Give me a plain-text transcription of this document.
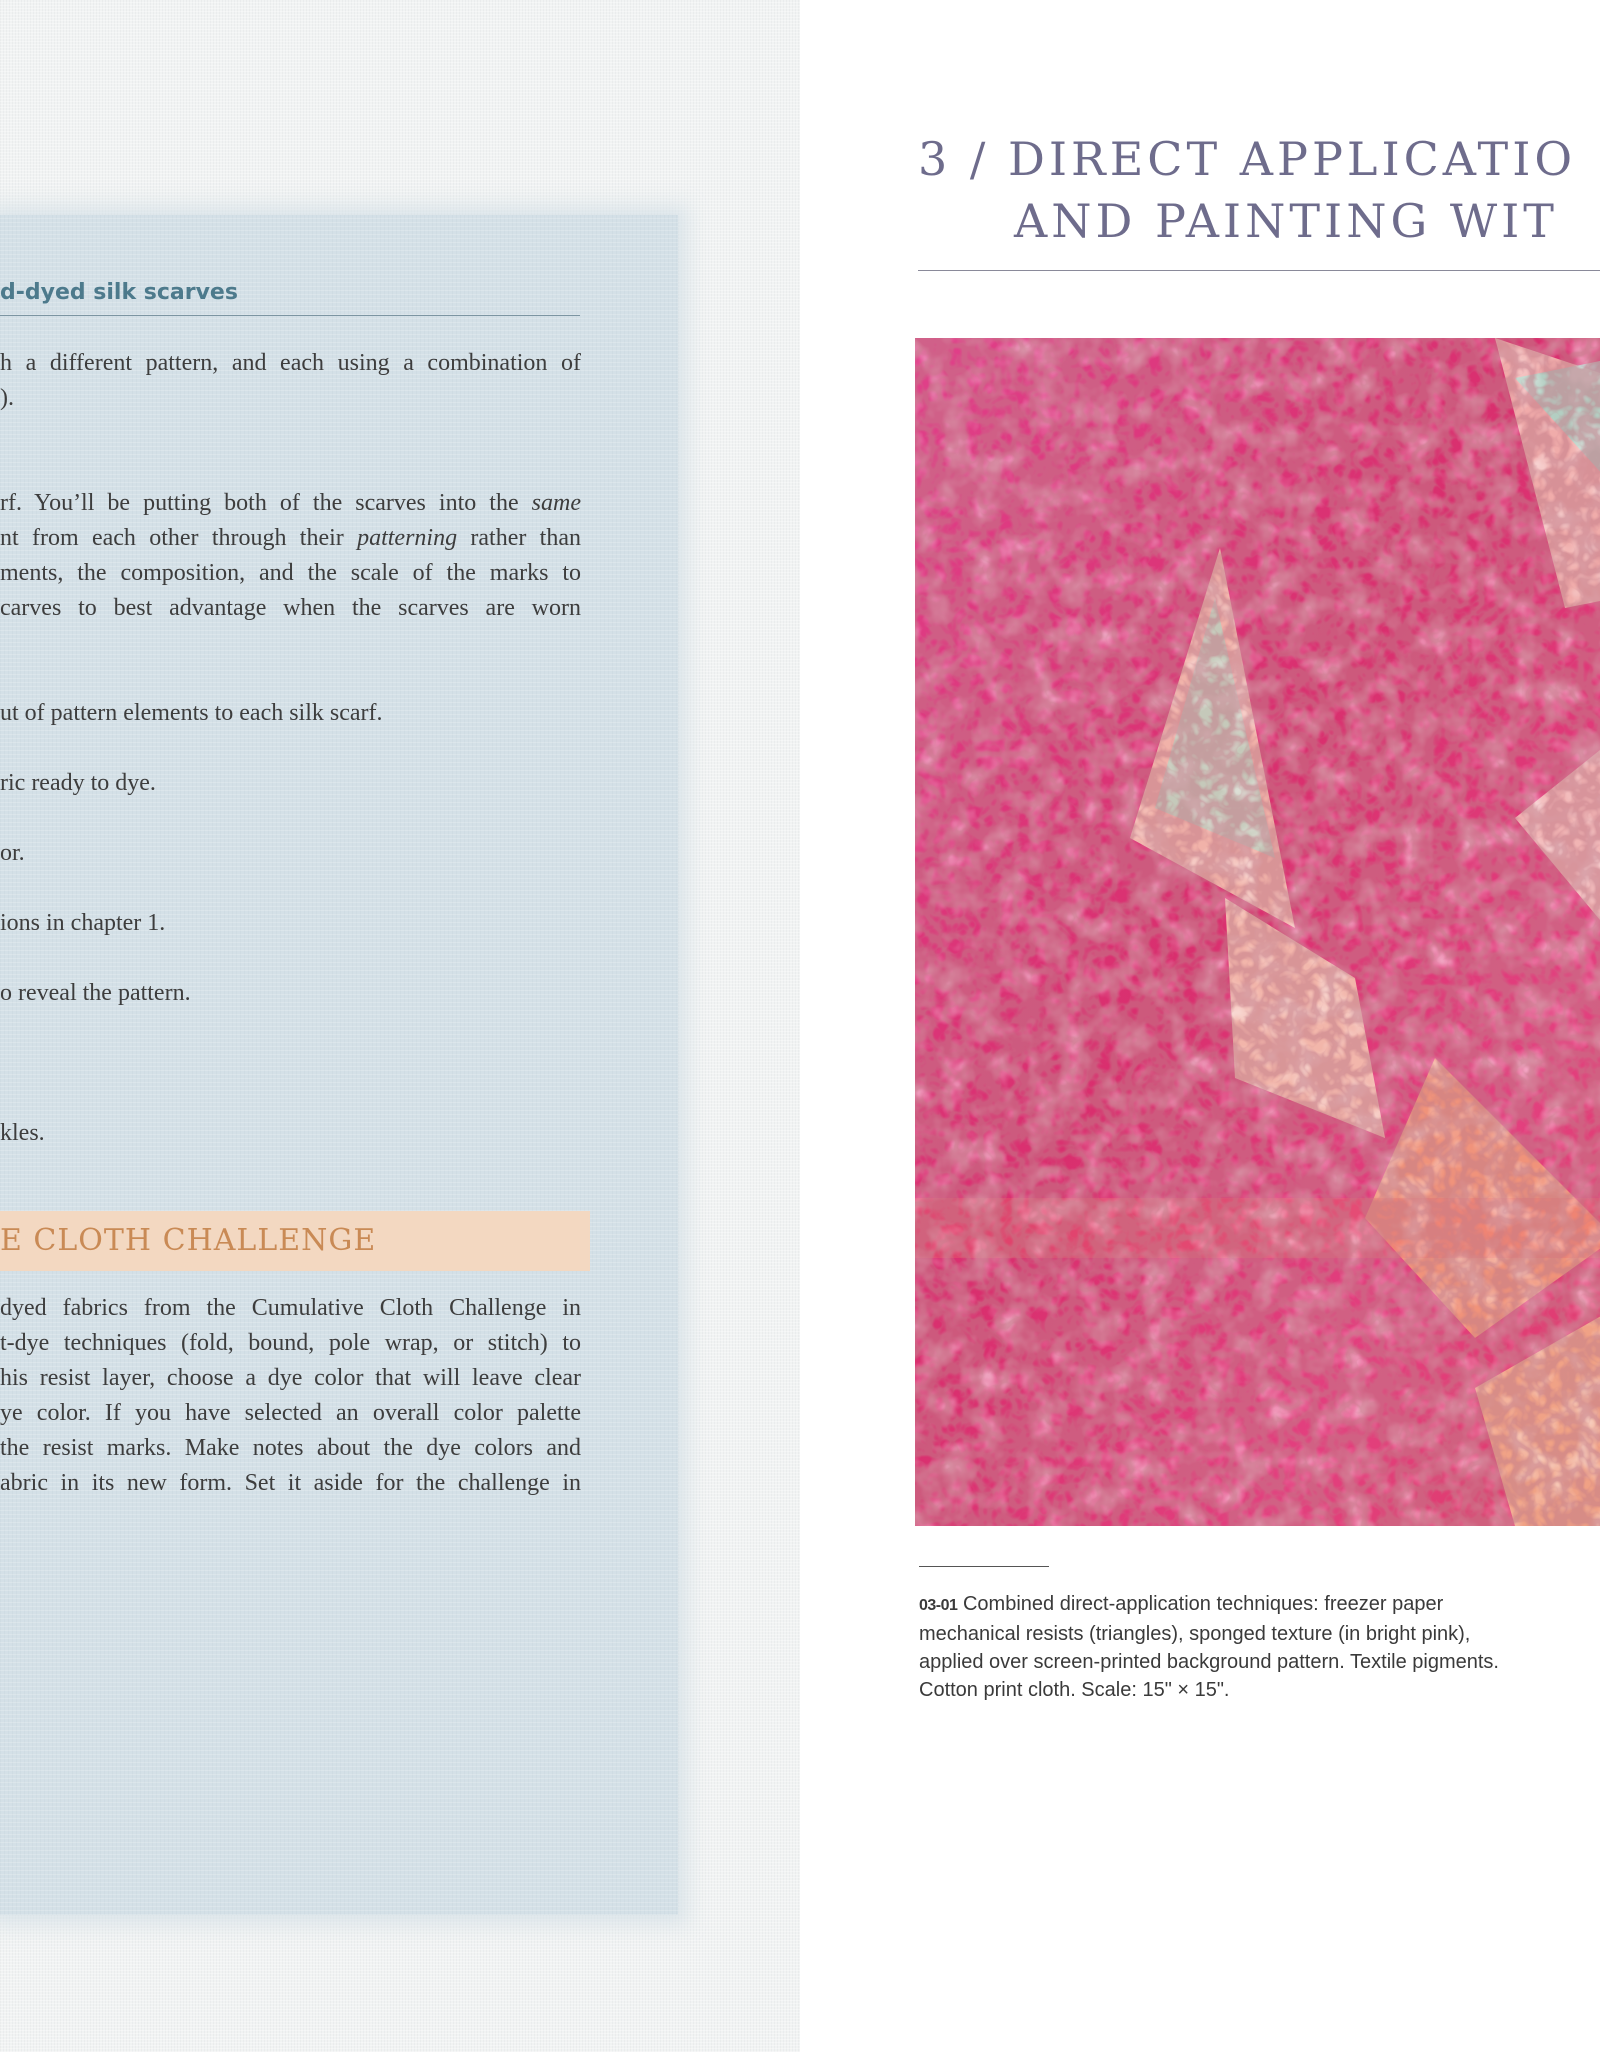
d-dyed silk scarves

h a different pattern, and each using a combination of
).

rf. You’ll be putting both of the scarves into the same
nt from each other through their patterning rather than
ments, the composition, and the scale of the marks to
carves to best advantage when the scarves are worn

ut of pattern elements to each silk scarf.

ric ready to dye.

or.

ions in chapter 1.

o reveal the pattern.

kles.

E CLOTH CHALLENGE

dyed fabrics from the Cumulative Cloth Challenge in
t-dye techniques (fold, bound, pole wrap, or stitch) to
his resist layer, choose a dye color that will leave clear
ye color. If you have selected an overall color palette
the resist marks. Make notes about the dye colors and
abric in its new form. Set it aside for the challenge in

3 / DIRECT APPLICATIO
AND PAINTING WIT
03-01 Combined direct-application techniques: freezer paper
mechanical resists (triangles), sponged texture (in bright pink),
applied over screen-printed background pattern. Textile pigments.
Cotton print cloth. Scale: 15" × 15".
